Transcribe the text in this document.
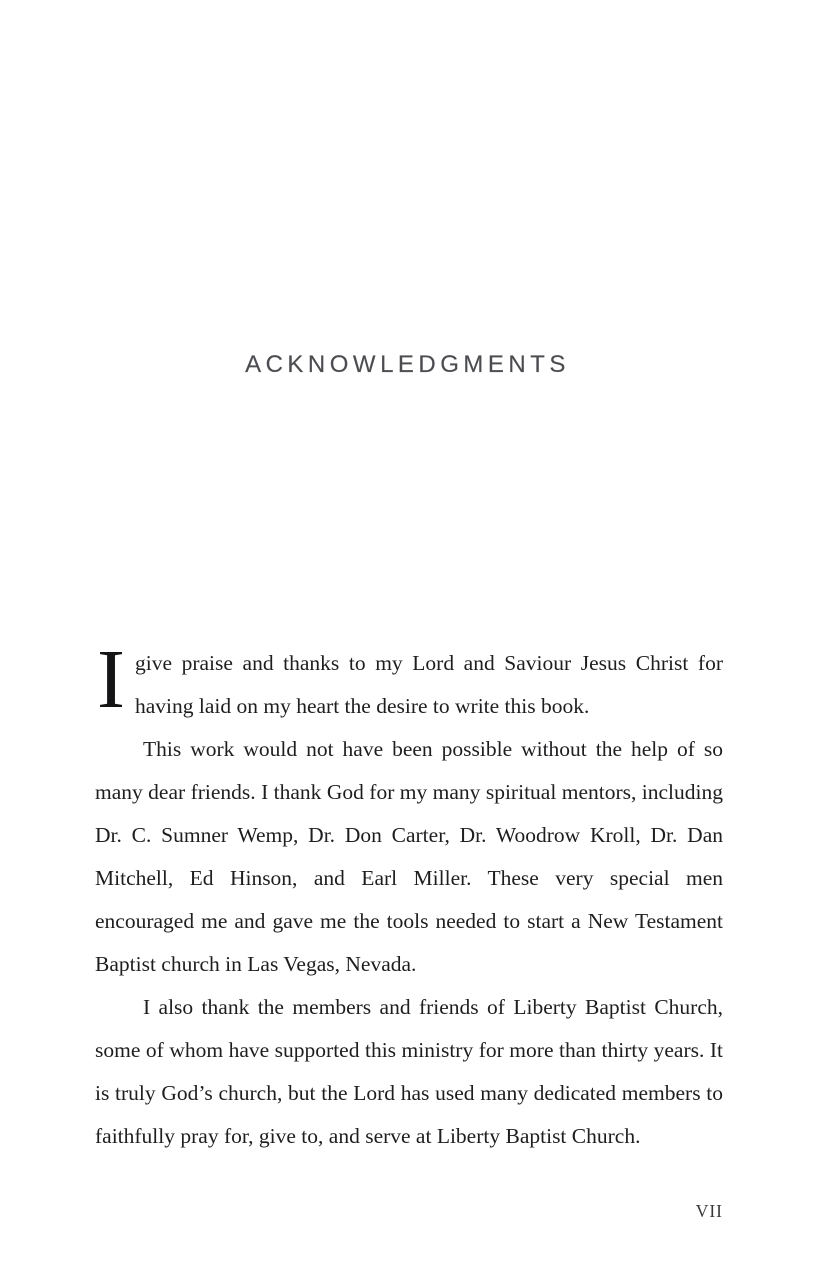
ACKNOWLEDGMENTS

Igive praise and thanks to my Lord and Saviour Jesus Christ for having laid on my heart the desire to write this book.

This work would not have been possible without the help of so many dear friends. I thank God for my many spiritual mentors, including Dr. C. Sumner Wemp, Dr. Don Carter, Dr. Woodrow Kroll, Dr. Dan Mitchell, Ed Hinson, and Earl Miller. These very special men encouraged me and gave me the tools needed to start a New Testament Baptist church in Las Vegas, Nevada.

I also thank the members and friends of Liberty Baptist Church, some of whom have supported this ministry for more than thirty years. It is truly God’s church, but the Lord has used many dedicated members to faithfully pray for, give to, and serve at Liberty Baptist Church.

VII
